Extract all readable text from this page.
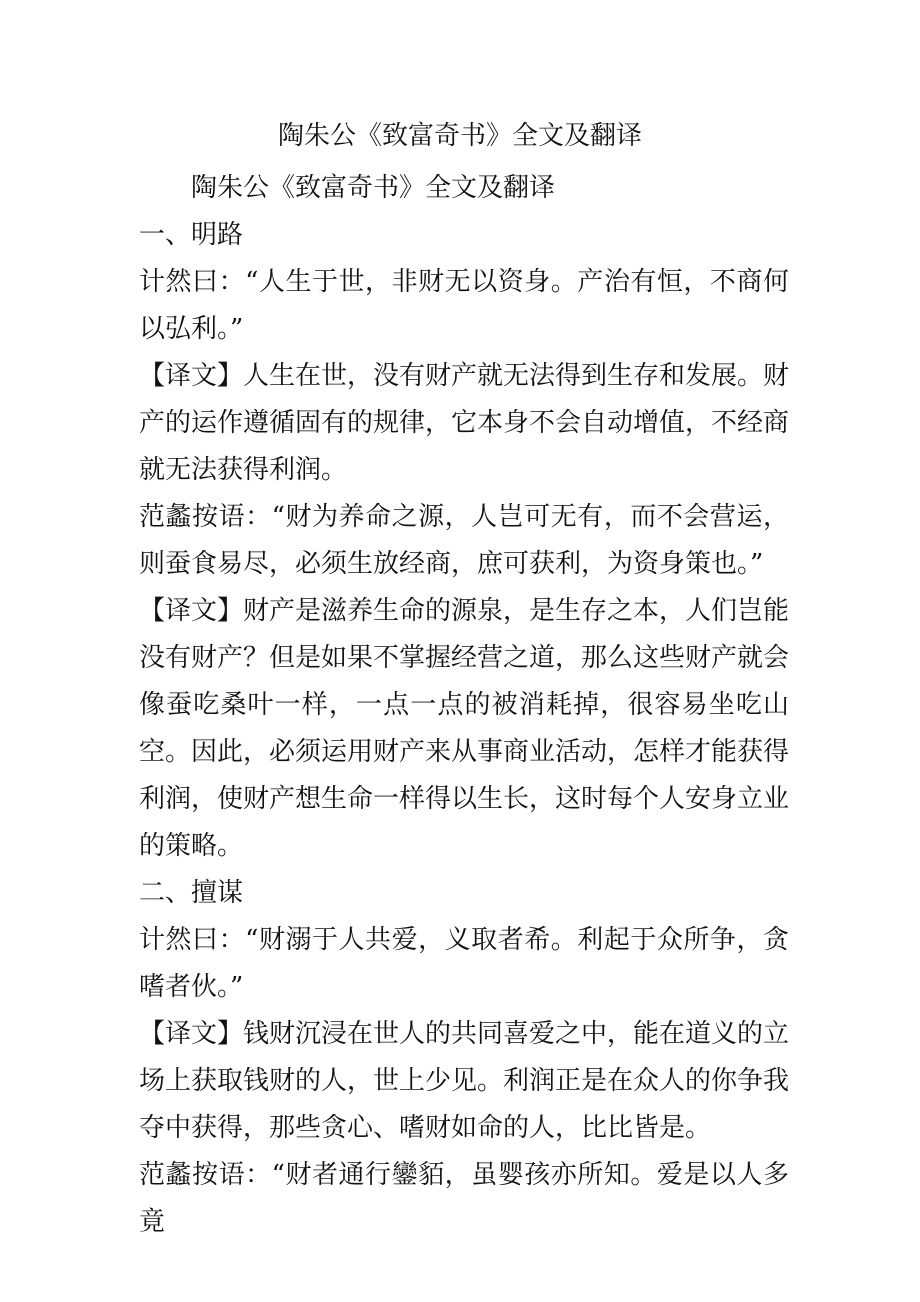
陶朱公《致富奇书》全文及翻译

陶朱公《致富奇书》全文及翻译

一、明路

计然曰：“人生于世，非财无以资身。产治有恒，不商何以弘利。”

【译文】人生在世，没有财产就无法得到生存和发展。财产的运作遵循固有的规律，它本身不会自动增值，不经商就无法获得利润。

范蠡按语：“财为养命之源，人岂可无有，而不会营运，则蚕食易尽，必须生放经商，庶可获利，为资身策也。”

【译文】财产是滋养生命的源泉，是生存之本，人们岂能没有财产？但是如果不掌握经营之道，那么这些财产就会像蚕吃桑叶一样，一点一点的被消耗掉，很容易坐吃山空。因此，必须运用财产来从事商业活动，怎样才能获得利润，使财产想生命一样得以生长，这时每个人安身立业的策略。

二、擅谋

计然曰：“财溺于人共爱，义取者希。利起于众所争，贪嗜者伙。”

【译文】钱财沉浸在世人的共同喜爱之中，能在道义的立场上获取钱财的人，世上少见。利润正是在众人的你争我夺中获得，那些贪心、嗜财如命的人，比比皆是。

范蠡按语：“财者通行鑾貊，虽婴孩亦所知。爱是以人多竟
